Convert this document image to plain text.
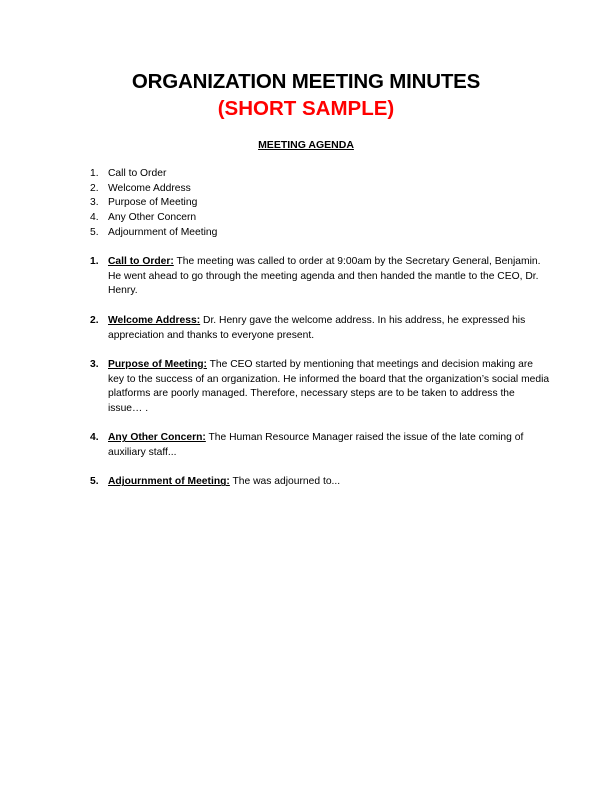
ORGANIZATION MEETING MINUTES
(SHORT SAMPLE)
MEETING AGENDA
1. Call to Order
2. Welcome Address
3. Purpose of Meeting
4. Any Other Concern
5. Adjournment of Meeting
1. Call to Order: The meeting was called to order at 9:00am by the Secretary General, Benjamin. He went ahead to go through the meeting agenda and then handed the mantle to the CEO, Dr. Henry.
2. Welcome Address: Dr. Henry gave the welcome address. In his address, he expressed his appreciation and thanks to everyone present.
3. Purpose of Meeting: The CEO started by mentioning that meetings and decision making are key to the success of an organization. He informed the board that the organization’s social media platforms are poorly managed. Therefore, necessary steps are to be taken to address the issue… .
4. Any Other Concern: The Human Resource Manager raised the issue of the late coming of auxiliary staff...
5. Adjournment of Meeting: The was adjourned to...
